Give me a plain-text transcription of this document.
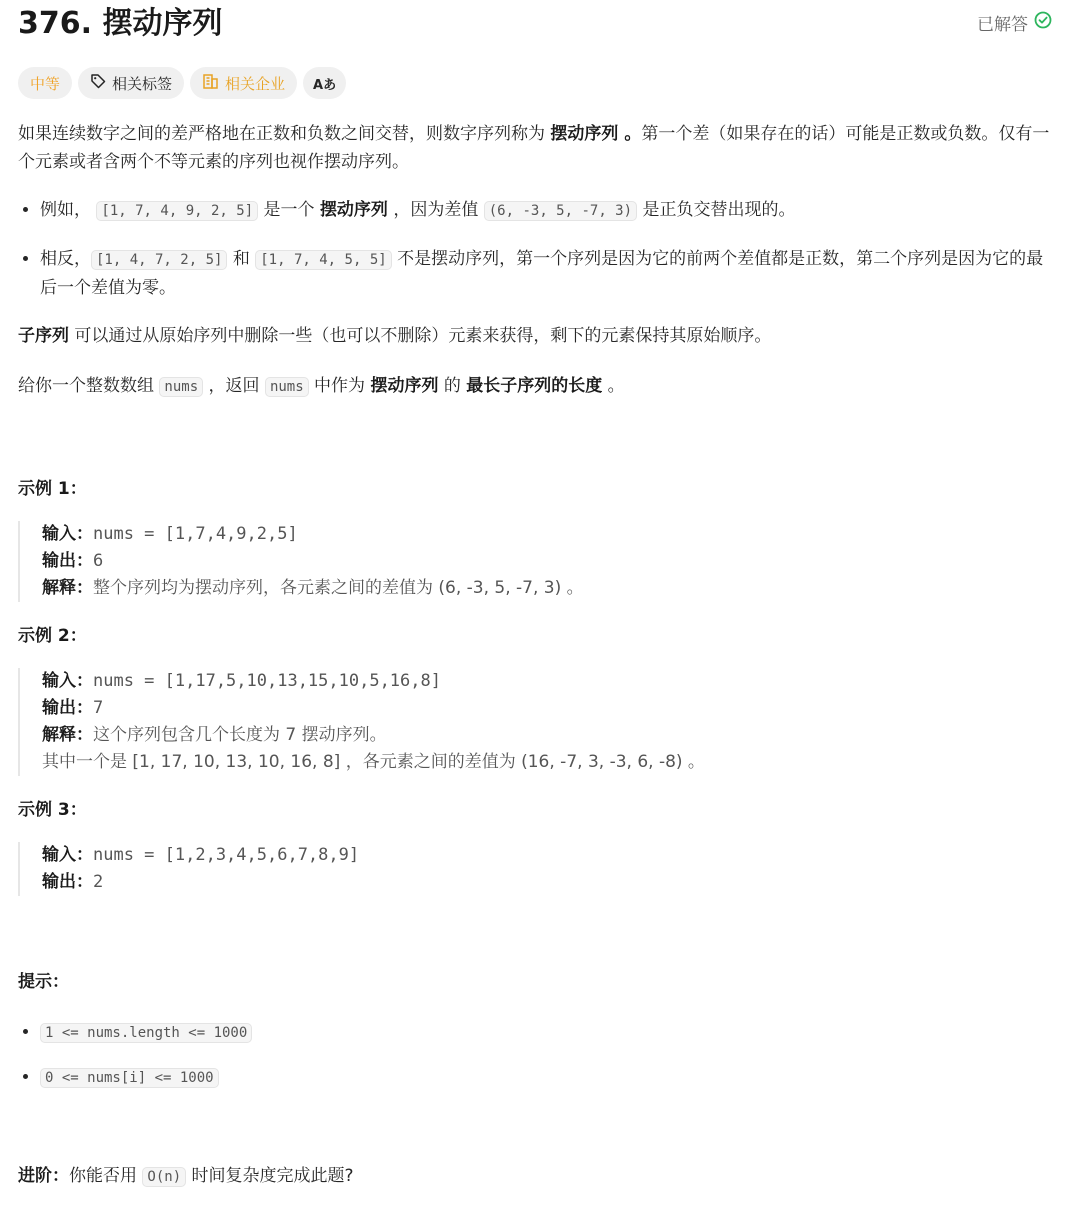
376. 摆动序列	已解答
中等	相关标签	相关企业 Aあ

如果连续数字之间的差严格地在正数和负数之间交替，则数字序列称为 摆动序列 。第一个差（如果存在的话）可能是正数或负数。仅有一个元素或者含两个不等元素的序列也视作摆动序列。

• 例如， [1, 7, 4, 9, 2, 5] 是一个 摆动序列 ，因为差值 (6, -3, 5, -7, 3) 是正负交替出现的。
• 相反， [1, 4, 7, 2, 5] 和 [1, 7, 4, 5, 5] 不是摆动序列，第一个序列是因为它的前两个差值都是正数，第二个序列是因为它的最后一个差值为零。

子序列 可以通过从原始序列中删除一些（也可以不删除）元素来获得，剩下的元素保持其原始顺序。

给你一个整数数组 nums ，返回 nums 中作为 摆动序列 的 最长子序列的长度 。

示例 1：

输入：nums = [1,7,4,9,2,5]
输出：6
解释：整个序列均为摆动序列，各元素之间的差值为 (6, -3, 5, -7, 3) 。

示例 2：

输入：nums = [1,17,5,10,13,15,10,5,16,8]
输出：7
解释：这个序列包含几个长度为 7 摆动序列。
其中一个是 [1, 17, 10, 13, 10, 16, 8] ，各元素之间的差值为 (16, -7, 3, -3, 6, -8) 。

示例 3：

输入：nums = [1,2,3,4,5,6,7,8,9]
输出：2

提示：

• 1 <= nums.length <= 1000
• 0 <= nums[i] <= 1000

进阶：你能否用 O(n) 时间复杂度完成此题?
